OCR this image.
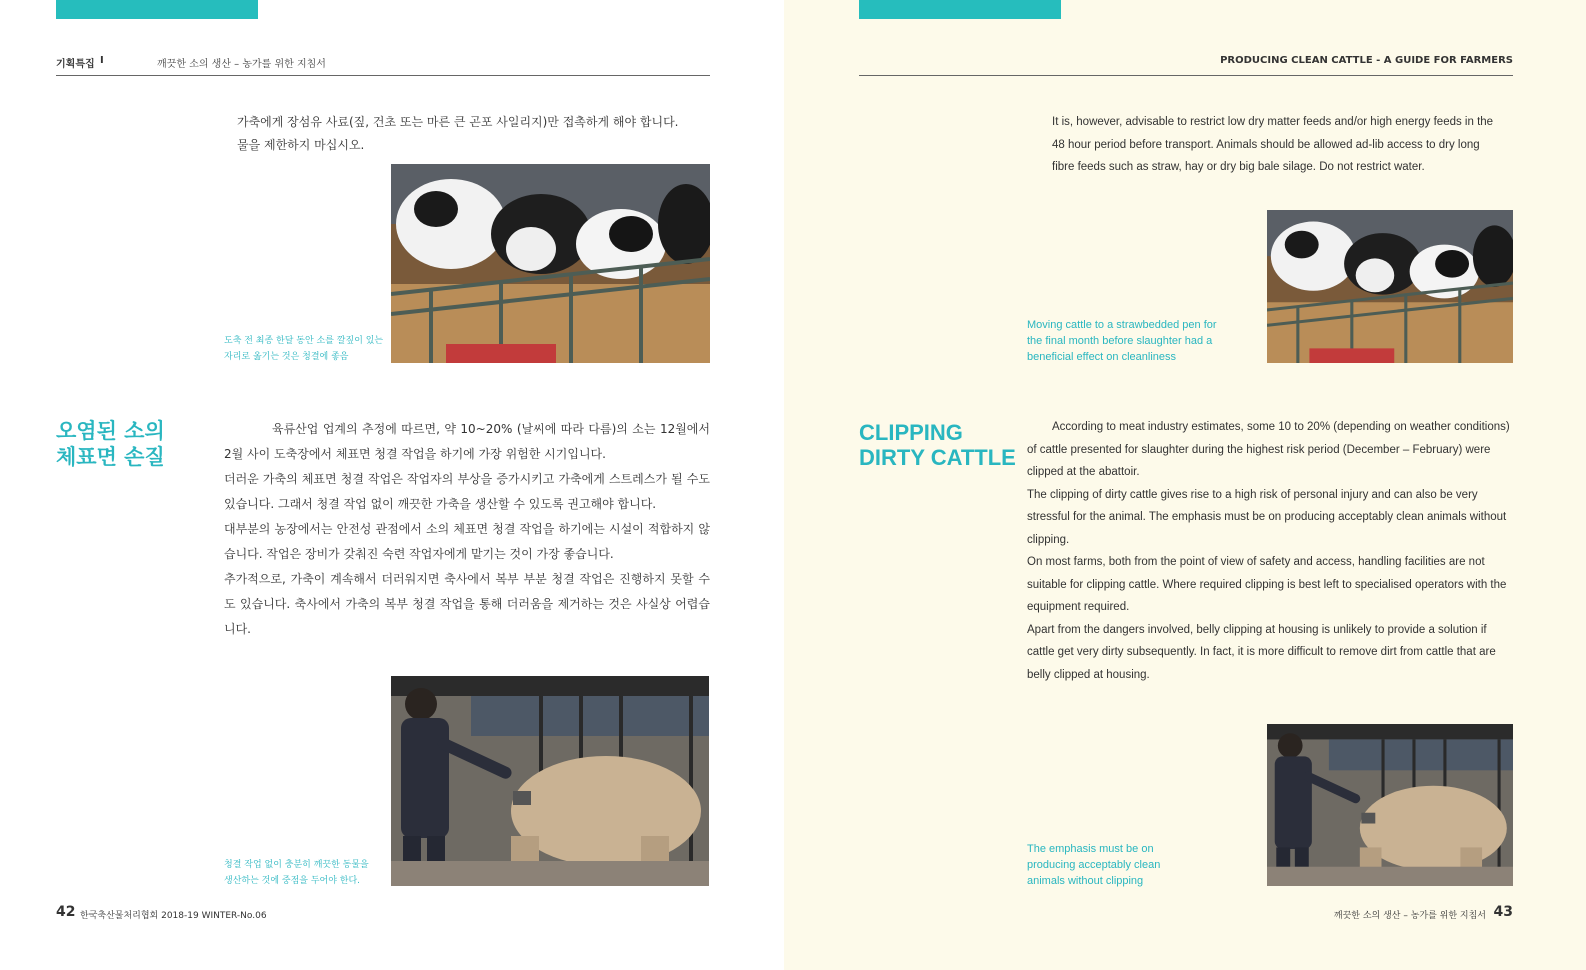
기획특집 I	깨끗한 소의 생산 – 농가를 위한 지침서

가축에게 장섬유 사료(짚, 건초 또는 마른 큰 곤포 사일리지)만 접촉하게 해야 합니다.

물을 제한하지 마십시오.

도축 전 최종 한달 동안 소를 깔짚이 있는
자리로 옮기는 것은 청결에 좋음
오염된 소의
체표면 손질

육류산업 업계의 추정에 따르면, 약 10~20% (날씨에 따라 다름)의 소는 12월에서 2월 사이 도축장에서 체표면 청결 작업을 하기에 가장 위험한 시기입니다.

더러운 가축의 체표면 청결 작업은 작업자의 부상을 증가시키고 가축에게 스트레스가 될 수도 있습니다. 그래서 청결 작업 없이 깨끗한 가축을 생산할 수 있도록 권고해야 합니다.

대부분의 농장에서는 안전성 관점에서 소의 체표면 청결 작업을 하기에는 시설이 적합하지 않습니다. 작업은 장비가 갖춰진 숙련 작업자에게 맡기는 것이 가장 좋습니다.

추가적으로, 가축이 계속해서 더러워지면 축사에서 복부 부분 청결 작업은 진행하지 못할 수도 있습니다. 축사에서 가축의 복부 청결 작업을 통해 더러움을 제거하는 것은 사실상 어렵습니다.

청결 작업 없이 충분히 깨끗한 동물을
생산하는 것에 중점을 두어야 한다.
42 한국축산물처리협회 2018-19 WINTER-No.06
PRODUCING CLEAN CATTLE - A GUIDE FOR FARMERS

It is, however, advisable to restrict low dry matter feeds and/or high energy feeds in the

48 hour period before transport. Animals should be allowed ad-lib access to dry long

fibre feeds such as straw, hay or dry big bale silage. Do not restrict water.

Moving cattle to a strawbedded pen for
the final month before slaughter had a
beneficial effect on cleanliness
CLIPPING
DIRTY CATTLE

According to meat industry estimates, some 10 to 20% (depending on weather conditions) of cattle presented for slaughter during the highest risk period (December – February) were clipped at the abattoir.

The clipping of dirty cattle gives rise to a high risk of personal injury and can also be very stressful for the animal. The emphasis must be on producing acceptably clean animals without clipping.

On most farms, both from the point of view of safety and access, handling facilities are not suitable for clipping cattle. Where required clipping is best left to specialised operators with the equipment required.

Apart from the dangers involved, belly clipping at housing is unlikely to provide a solution if cattle get very dirty subsequently. In fact, it is more difficult to remove dirt from cattle that are belly clipped at housing.

The emphasis must be on
producing acceptably clean
animals without clipping
깨끗한 소의 생산 – 농가를 위한 지침서 43
